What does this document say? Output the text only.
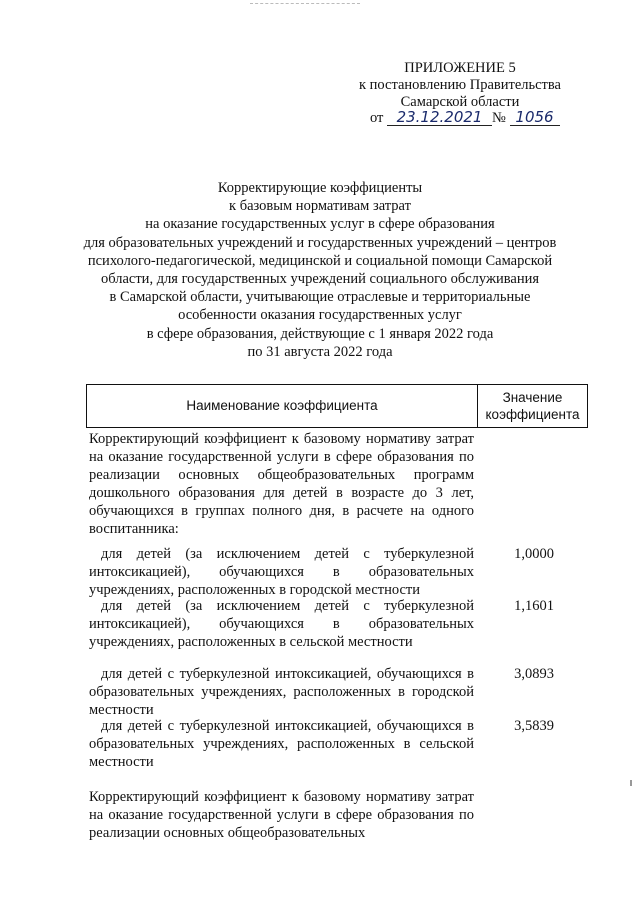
ПРИЛОЖЕНИЕ 5
к постановлению Правительства
Самарской области
от 23.12.2021 № 1056
Корректирующие коэффициенты
к базовым нормативам затрат
на оказание государственных услуг в сфере образования
для образовательных учреждений и государственных учреждений – центров
психолого-педагогической, медицинской и социальной помощи Самарской
области, для государственных учреждений социального обслуживания
в Самарской области, учитывающие отраслевые и территориальные
особенности оказания государственных услуг
в сфере образования, действующие с 1 января 2022 года
по 31 августа 2022 года
Наименование коэффициента
Значение
коэффициента
Корректирующий коэффициент к базовому нормативу затрат на оказание государственной услуги в сфере образования по реализации основных общеобразовательных программ дошкольного образования для детей в возрасте до 3 лет, обучающихся в группах полного дня, в расчете на одного воспитанника:
для детей (за исключением детей с туберкулезной интоксикацией), обучающихся в образовательных учреждениях, расположенных в городской местности
1,0000
для детей (за исключением детей с туберкулезной интоксикацией), обучающихся в образовательных учреждениях, расположенных в сельской местности
1,1601
для детей с туберкулезной интоксикацией, обучающихся в образовательных учреждениях, расположенных в городской местности
3,0893
для детей с туберкулезной интоксикацией, обучающихся в образовательных учреждениях, расположенных в сельской местности
3,5839
Корректирующий коэффициент к базовому нормативу затрат на оказание государственной услуги в сфере образования по реализации основных общеобразовательных
